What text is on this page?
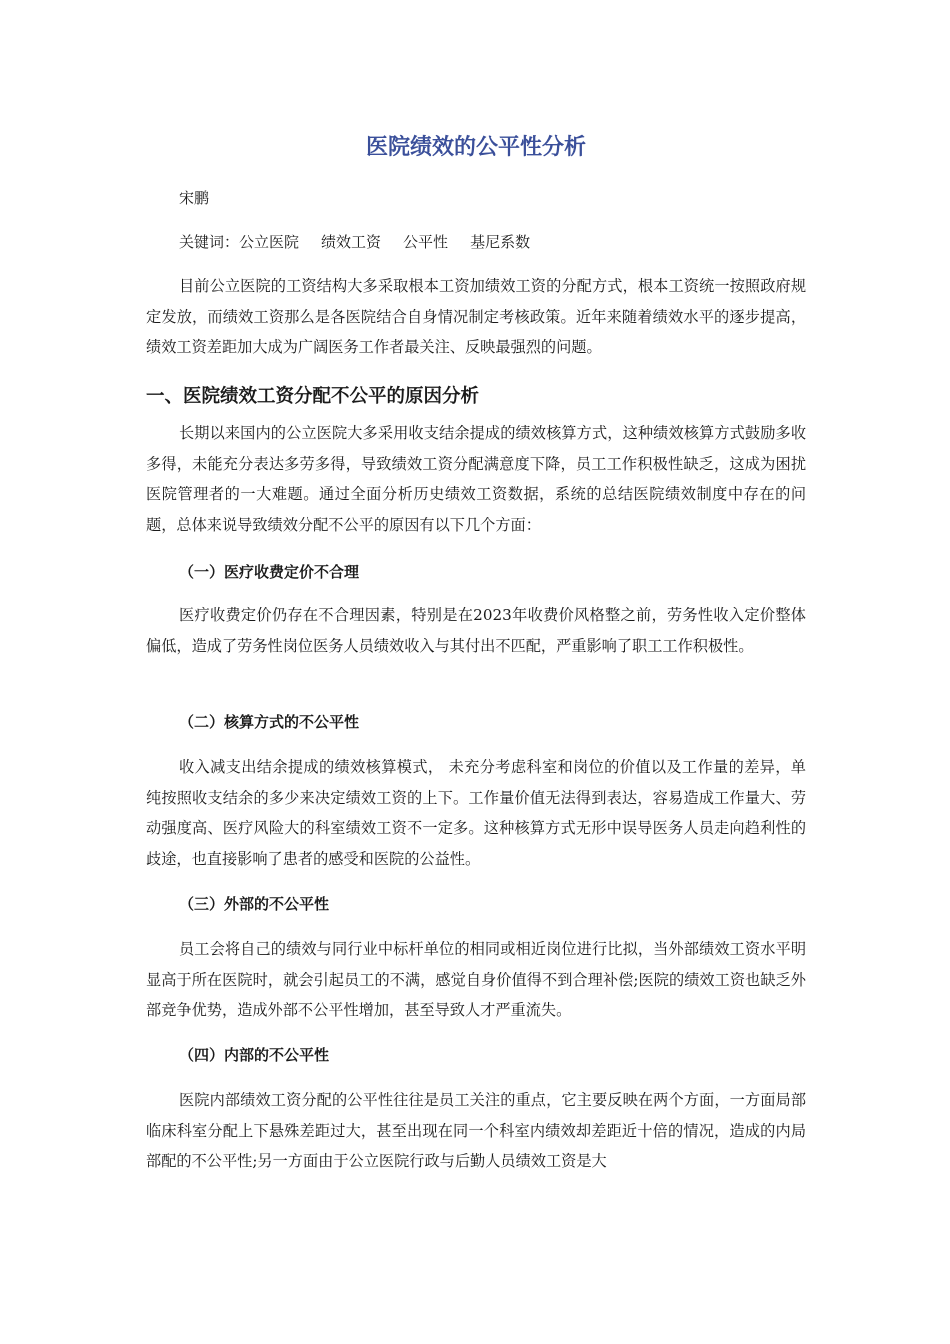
医院绩效的公平性分析

宋鹏

关键词：公立医院 绩效工资 公平性 基尼系数

目前公立医院的工资结构大多采取根本工资加绩效工资的分配方式，根本工资统一按照政府规定发放，而绩效工资那么是各医院结合自身情况制定考核政策。近年来随着绩效水平的逐步提高，绩效工资差距加大成为广阔医务工作者最关注、反映最强烈的问题。

一、医院绩效工资分配不公平的原因分析

长期以来国内的公立医院大多采用收支结余提成的绩效核算方式，这种绩效核算方式鼓励多收多得，未能充分表达多劳多得，导致绩效工资分配满意度下降，员工工作积极性缺乏，这成为困扰医院管理者的一大难题。通过全面分析历史绩效工资数据，系统的总结医院绩效制度中存在的问题，总体来说导致绩效分配不公平的原因有以下几个方面：

（一）医疗收费定价不合理

医疗收费定价仍存在不合理因素，特别是在2023年收费价风格整之前，劳务性收入定价整体偏低，造成了劳务性岗位医务人员绩效收入与其付出不匹配，严重影响了职工工作积极性。

（二）核算方式的不公平性

收入减支出结余提成的绩效核算模式， 未充分考虑科室和岗位的价值以及工作量的差异，单纯按照收支结余的多少来决定绩效工资的上下。工作量价值无法得到表达，容易造成工作量大、劳动强度高、医疗风险大的科室绩效工资不一定多。这种核算方式无形中误导医务人员走向趋利性的歧途，也直接影响了患者的感受和医院的公益性。

（三）外部的不公平性

员工会将自己的绩效与同行业中标杆单位的相同或相近岗位进行比拟，当外部绩效工资水平明显高于所在医院时，就会引起员工的不满，感觉自身价值得不到合理补偿;医院的绩效工资也缺乏外部竞争优势，造成外部不公平性增加，甚至导致人才严重流失。

（四）内部的不公平性

医院内部绩效工资分配的公平性往往是员工关注的重点，它主要反映在两个方面，一方面局部临床科室分配上下悬殊差距过大，甚至出现在同一个科室内绩效却差距近十倍的情况，造成的内局部配的不公平性;另一方面由于公立医院行政与后勤人员绩效工资是大
